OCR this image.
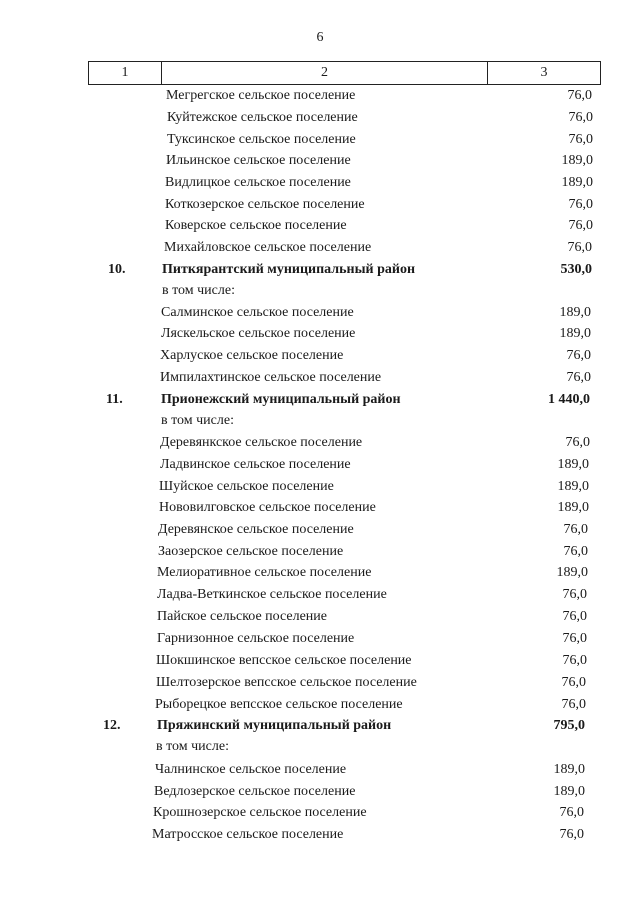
6
1	2	3
Мегрегское сельское поселение	76,0
Куйтежское сельское поселение	76,0
Туксинское сельское поселение	76,0
Ильинское сельское поселение	189,0
Видлицкое сельское поселение	189,0
Коткозерское сельское поселение	76,0
Коверское сельское поселение	76,0
Михайловское сельское поселение	76,0
10.	Питкярантский муниципальный район	530,0
в том числе:
Салминское сельское поселение	189,0
Ляскельское сельское поселение	189,0
Харлуское сельское поселение	76,0
Импилахтинское сельское поселение	76,0
11.	Прионежский муниципальный район	1 440,0
в том числе:
Деревянкское сельское поселение	76,0
Ладвинское сельское поселение	189,0
Шуйское сельское поселение	189,0
Нововилговское сельское поселение	189,0
Деревянское сельское поселение	76,0
Заозерское сельское поселение	76,0
Мелиоративное сельское поселение	189,0
Ладва-Веткинское сельское поселение	76,0
Пайское сельское поселение	76,0
Гарнизонное сельское поселение	76,0
Шокшинское вепсское сельское поселение	76,0
Шелтозерское вепсское сельское поселение	76,0
Рыборецкое вепсское сельское поселение	76,0
12.	Пряжинский муниципальный район	795,0
в том числе:
Чалнинское сельское поселение	189,0
Ведлозерское сельское поселение	189,0
Крошнозерское сельское поселение	76,0
Матросское сельское поселение	76,0
